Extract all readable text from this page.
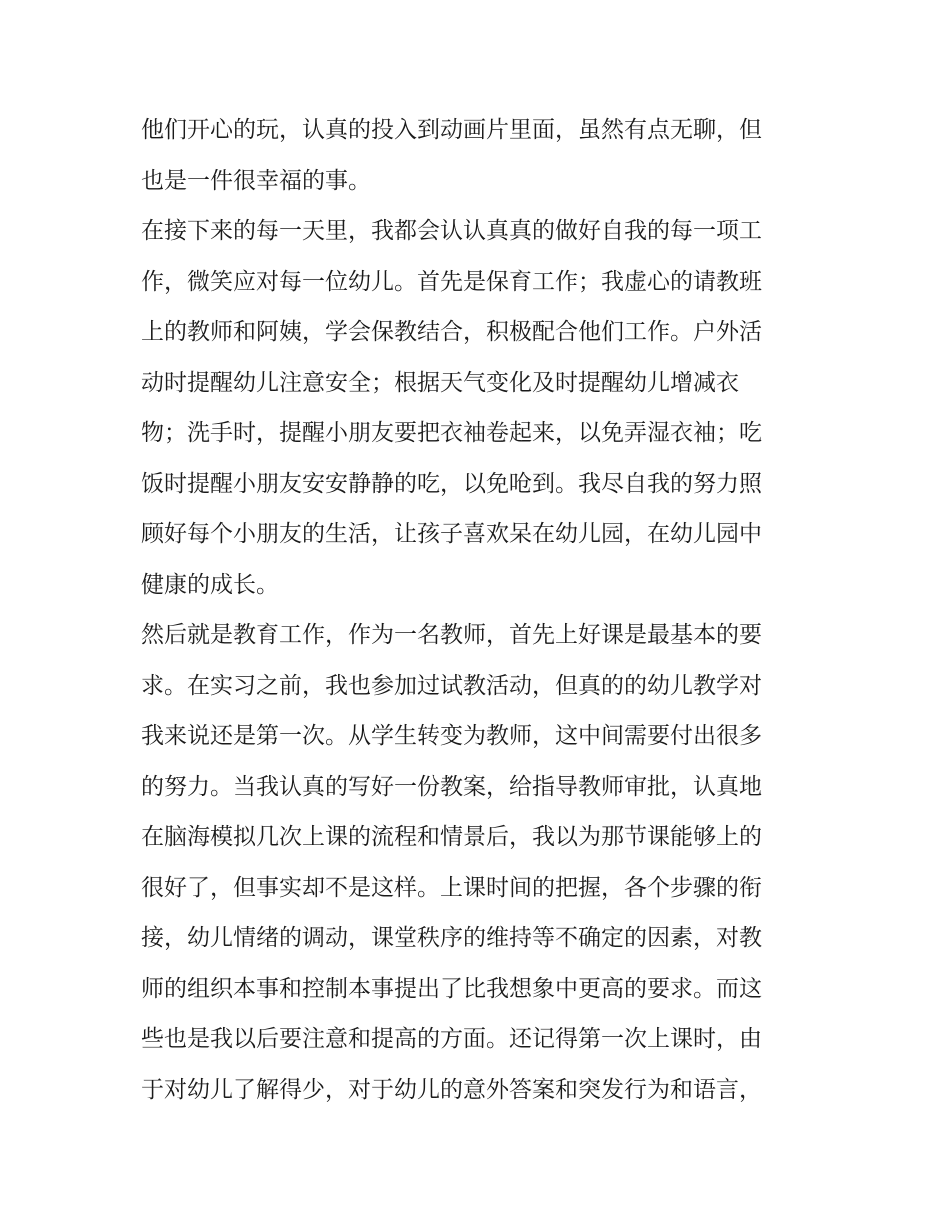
他们开心的玩，认真的投入到动画片里面，虽然有点无聊，但
也是一件很幸福的事。
在接下来的每一天里，我都会认认真真的做好自我的每一项工
作，微笑应对每一位幼儿。首先是保育工作；我虚心的请教班
上的教师和阿姨，学会保教结合，积极配合他们工作。户外活
动时提醒幼儿注意安全；根据天气变化及时提醒幼儿增减衣
物；洗手时，提醒小朋友要把衣袖卷起来，以免弄湿衣袖；吃
饭时提醒小朋友安安静静的吃，以免呛到。我尽自我的努力照
顾好每个小朋友的生活，让孩子喜欢呆在幼儿园，在幼儿园中
健康的成长。
然后就是教育工作，作为一名教师，首先上好课是最基本的要
求。在实习之前，我也参加过试教活动，但真的的幼儿教学对
我来说还是第一次。从学生转变为教师，这中间需要付出很多
的努力。当我认真的写好一份教案，给指导教师审批，认真地
在脑海模拟几次上课的流程和情景后，我以为那节课能够上的
很好了，但事实却不是这样。上课时间的把握，各个步骤的衔
接，幼儿情绪的调动，课堂秩序的维持等不确定的因素，对教
师的组织本事和控制本事提出了比我想象中更高的要求。而这
些也是我以后要注意和提高的方面。还记得第一次上课时，由
于对幼儿了解得少，对于幼儿的意外答案和突发行为和语言，
